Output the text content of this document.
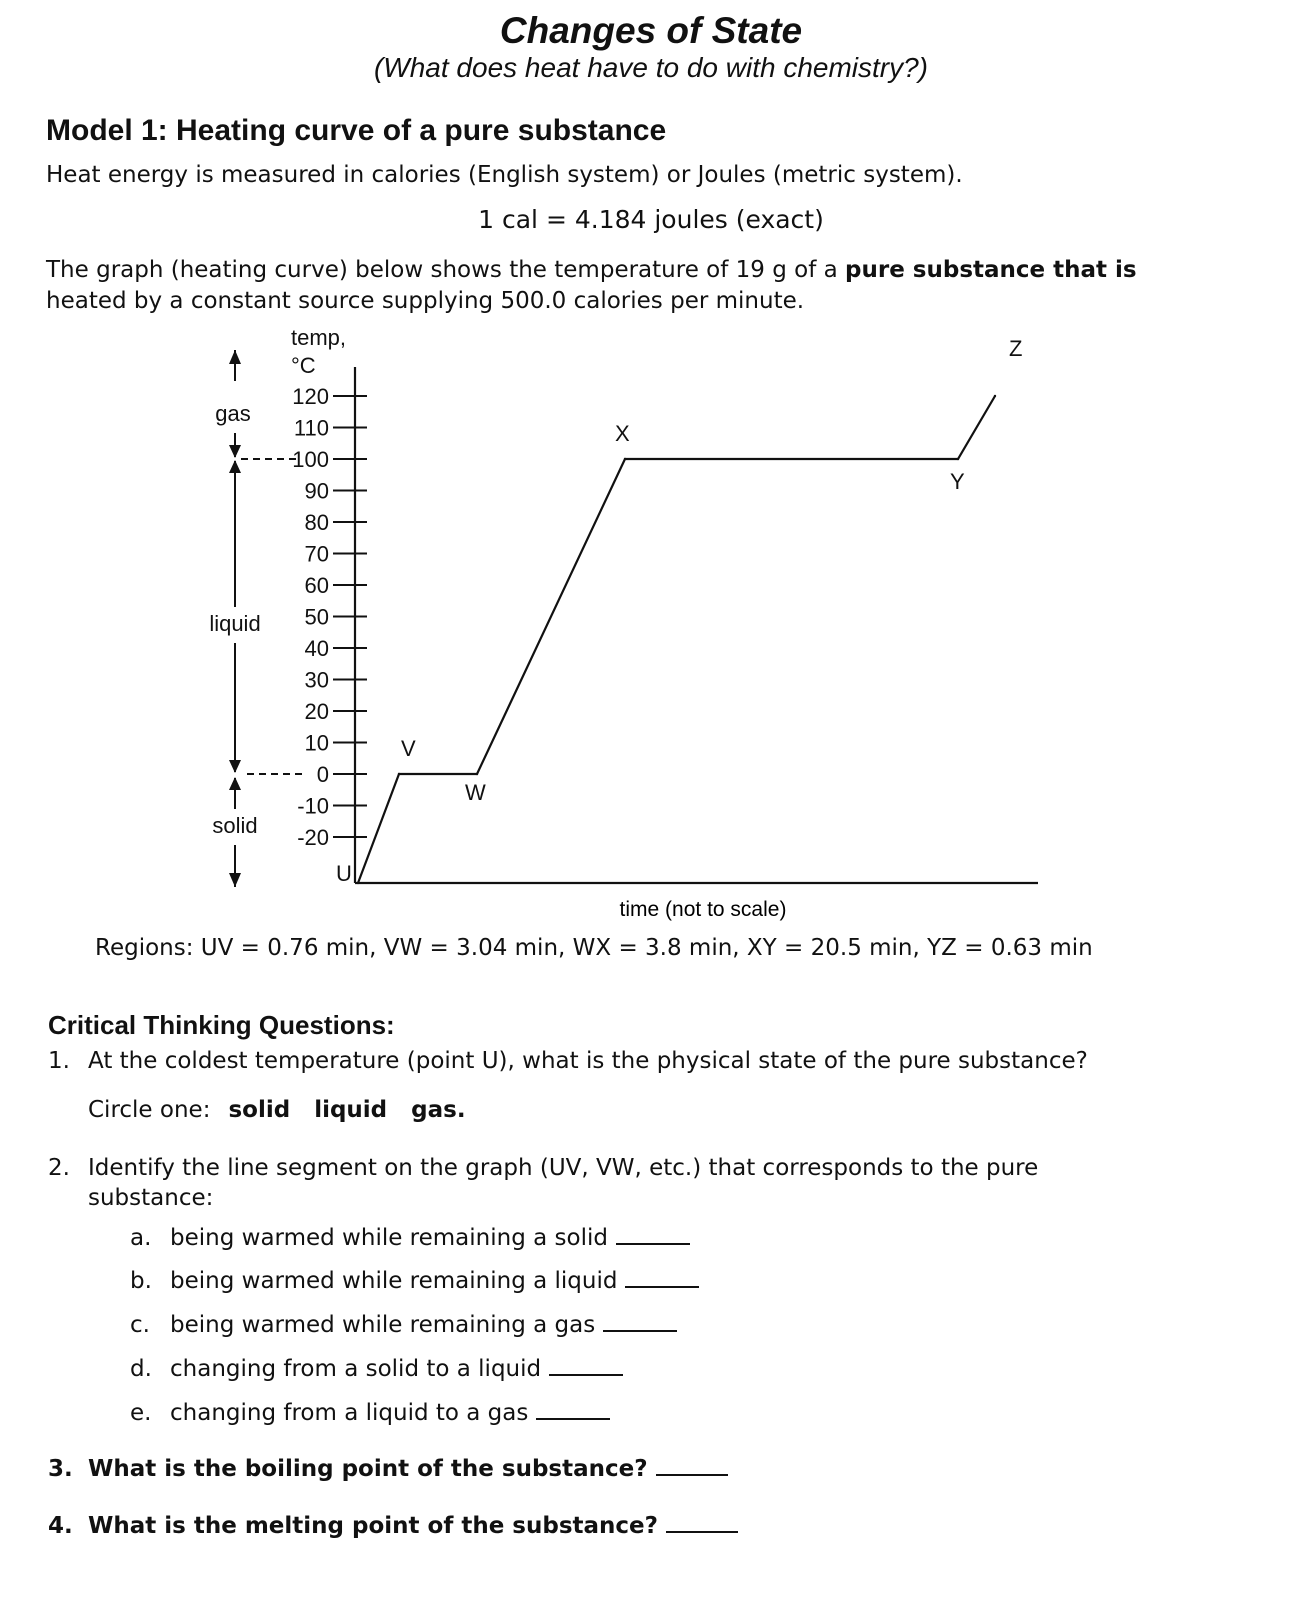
Changes of State
(What does heat have to do with chemistry?)
Model 1: Heating curve of a pure substance
Heat energy is measured in calories (English system) or Joules (metric system).
1 cal = 4.184 joules (exact)
The graph (heating curve) below shows the temperature of 19 g of a pure substance that is
heated by a constant source supplying 500.0 calories per minute.
temp,
°C
120
110
100
90
80
70
60
50
40
30
20
10
0
-10
-20
gas
liquid
solid
U
V
W
X
Y
Z
time (not to scale)
Regions: UV = 0.76 min, VW = 3.04 min, WX = 3.8 min, XY = 20.5 min, YZ = 0.63 min
Critical Thinking Questions:
1. At the coldest temperature (point U), what is the physical state of the pure substance?
Circle one: solid liquid gas.
2. Identify the line segment on the graph (UV, VW, etc.) that corresponds to the pure
substance:
a. being warmed while remaining a solid
b. being warmed while remaining a liquid
c. being warmed while remaining a gas
d. changing from a solid to a liquid
e. changing from a liquid to a gas
3. What is the boiling point of the substance?
4. What is the melting point of the substance?
